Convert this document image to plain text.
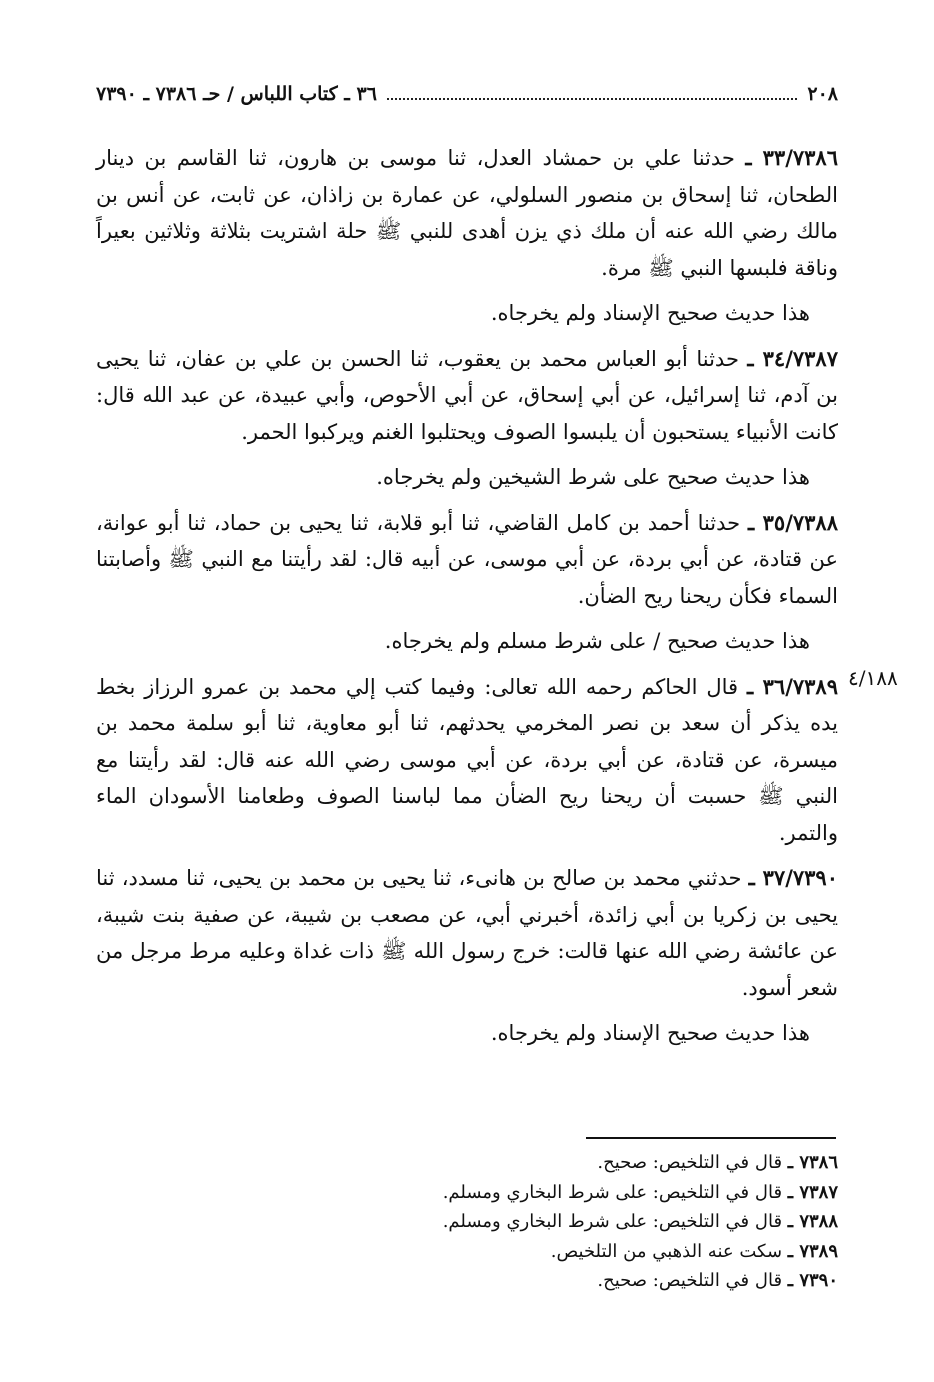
٢٠٨
٣٦ ـ كتاب اللباس / حـ ٧٣٨٦ ـ ٧٣٩٠
٤/١٨٨

٣٣/٧٣٨٦ ـ حدثنا علي بن حمشاد العدل، ثنا موسى بن هارون، ثنا القاسم بن دينار الطحان، ثنا إسحاق بن منصور السلولي، عن عمارة بن زاذان، عن ثابت، عن أنس بن مالك رضي الله عنه أن ملك ذي يزن أهدى للنبي ﷺ حلة اشتريت بثلاثة وثلاثين بعيراً وناقة فلبسها النبي ﷺ مرة.

هذا حديث صحيح الإسناد ولم يخرجاه.

٣٤/٧٣٨٧ ـ حدثنا أبو العباس محمد بن يعقوب، ثنا الحسن بن علي بن عفان، ثنا يحيى بن آدم، ثنا إسرائيل، عن أبي إسحاق، عن أبي الأحوص، وأبي عبيدة، عن عبد الله قال: كانت الأنبياء يستحبون أن يلبسوا الصوف ويحتلبوا الغنم ويركبوا الحمر.

هذا حديث صحيح على شرط الشيخين ولم يخرجاه.

٣٥/٧٣٨٨ ـ حدثنا أحمد بن كامل القاضي، ثنا أبو قلابة، ثنا يحيى بن حماد، ثنا أبو عوانة، عن قتادة، عن أبي بردة، عن أبي موسى، عن أبيه قال: لقد رأيتنا مع النبي ﷺ وأصابتنا السماء فكأن ريحنا ريح الضأن.

هذا حديث صحيح / على شرط مسلم ولم يخرجاه.

٣٦/٧٣٨٩ ـ قال الحاكم رحمه الله تعالى: وفيما كتب إلي محمد بن عمرو الرزاز بخط يده يذكر أن سعد بن نصر المخرمي يحدثهم، ثنا أبو معاوية، ثنا أبو سلمة محمد بن ميسرة، عن قتادة، عن أبي بردة، عن أبي موسى رضي الله عنه قال: لقد رأيتنا مع النبي ﷺ حسبت أن ريحنا ريح الضأن مما لباسنا الصوف وطعامنا الأسودان الماء والتمر.

٣٧/٧٣٩٠ ـ حدثني محمد بن صالح بن هانىء، ثنا يحيى بن محمد بن يحيى، ثنا مسدد، ثنا يحيى بن زكريا بن أبي زائدة، أخبرني أبي، عن مصعب بن شيبة، عن صفية بنت شيبة، عن عائشة رضي الله عنها قالت: خرج رسول الله ﷺ ذات غداة وعليه مرط مرجل من شعر أسود.

هذا حديث صحيح الإسناد ولم يخرجاه.

٧٣٨٦ ـ قال في التلخيص: صحيح.

٧٣٨٧ ـ قال في التلخيص: على شرط البخاري ومسلم.

٧٣٨٨ ـ قال في التلخيص: على شرط البخاري ومسلم.

٧٣٨٩ ـ سكت عنه الذهبي من التلخيص.

٧٣٩٠ ـ قال في التلخيص: صحيح.
